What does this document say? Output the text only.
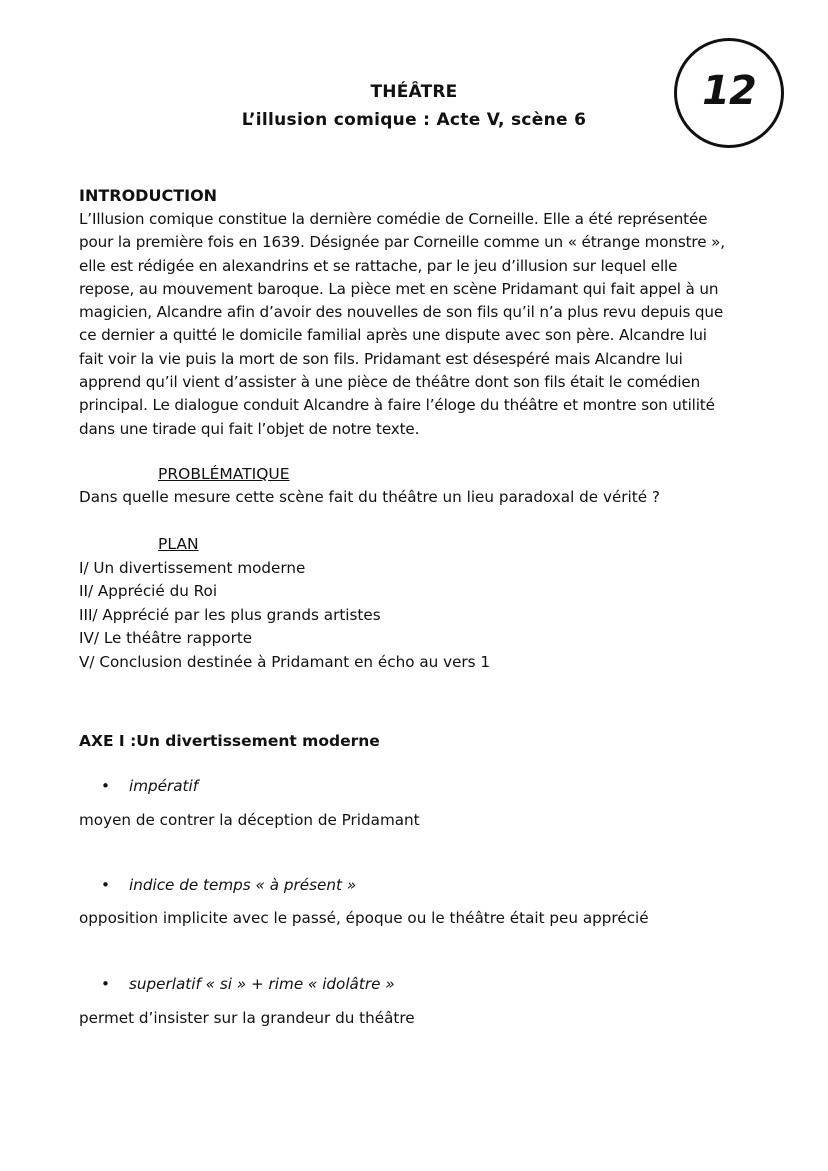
THÉÂTRE
L’illusion comique : Acte V, scène 6
12
INTRODUCTION

L’Illusion comique constitue la dernière comédie de Corneille. Elle a été représentée

pour la première fois en 1639. Désignée par Corneille comme un « étrange monstre »,

elle est rédigée en alexandrins et se rattache, par le jeu d’illusion sur lequel elle

repose, au mouvement baroque. La pièce met en scène Pridamant qui fait appel à un

magicien, Alcandre afin d’avoir des nouvelles de son fils qu’il n’a plus revu depuis que

ce dernier a quitté le domicile familial après une dispute avec son père. Alcandre lui

fait voir la vie puis la mort de son fils. Pridamant est désespéré mais Alcandre lui

apprend qu’il vient d’assister à une pièce de théâtre dont son fils était le comédien

principal. Le dialogue conduit Alcandre à faire l’éloge du théâtre et montre son utilité

dans une tirade qui fait l’objet de notre texte.

PROBLÉMATIQUE
Dans quelle mesure cette scène fait du théâtre un lieu paradoxal de vérité ?
PLAN
I/ Un divertissement moderne
II/ Apprécié du Roi
III/ Apprécié par les plus grands artistes
IV/ Le théâtre rapporte
V/ Conclusion destinée à Pridamant en écho au vers 1
AXE I :Un divertissement moderne
• impératif
moyen de contrer la déception de Pridamant
• indice de temps « à présent »
opposition implicite avec le passé, époque ou le théâtre était peu apprécié
• superlatif « si » + rime « idolâtre »
permet d’insister sur la grandeur du théâtre
